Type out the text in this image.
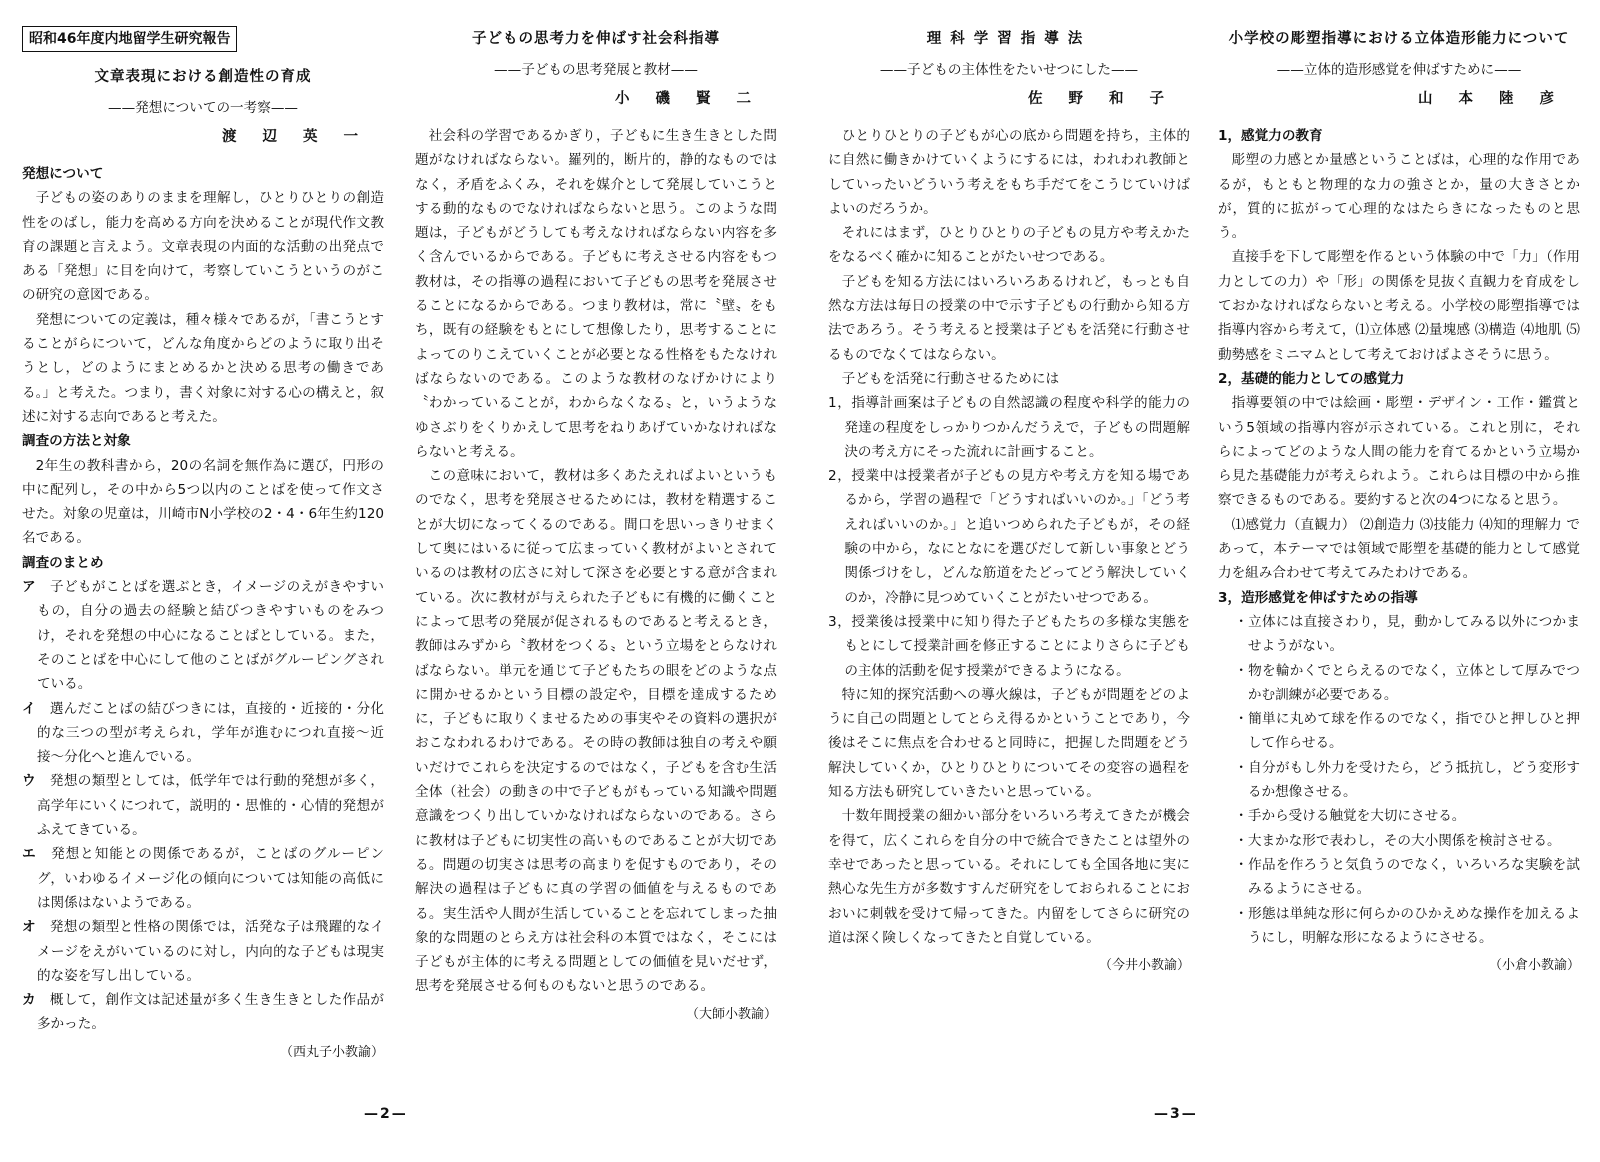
昭和46年度内地留学生研究報告
文章表現における創造性の育成
——発想についての一考察——
渡辺英一

発想について

子どもの姿のありのままを理解し，ひとりひとりの創造性をのばし，能力を高める方向を決めることが現代作文教育の課題と言えよう。文章表現の内面的な活動の出発点である「発想」に目を向けて，考察していこうというのがこの研究の意図である。

発想についての定義は，種々様々であるが，「書こうとすることがらについて，どんな角度からどのように取り出そうとし，どのようにまとめるかと決める思考の働きである。」と考えた。つまり，書く対象に対する心の構えと，叙述に対する志向であると考えた。

調査の方法と対象

2年生の教科書から，20の名詞を無作為に選び，円形の中に配列し，その中から5つ以内のことばを使って作文させた。対象の児童は，川崎市N小学校の2・4・6年生約120名である。

調査のまとめ

ア　 子どもがことばを選ぶとき，イメージのえがきやすいもの，自分の過去の経験と結びつきやすいものをみつけ，それを発想の中心になることばとしている。また，そのことばを中心にして他のことばがグルーピングされている。

イ　 選んだことばの結びつきには，直接的・近接的・分化的な三つの型が考えられ，学年が進むにつれ直接〜近接〜分化へと進んでいる。

ウ　 発想の類型としては，低学年では行動的発想が多く，高学年にいくにつれて，説明的・思惟的・心情的発想がふえてきている。

エ　 発想と知能との関係であるが，ことばのグルーピング，いわゆるイメージ化の傾向については知能の高低には関係はないようである。

オ　 発想の類型と性格の関係では，活発な子は飛躍的なイメージをえがいているのに対し，内向的な子どもは現実的な姿を写し出している。

カ　 概して，創作文は記述量が多く生き生きとした作品が多かった。

（西丸子小教諭）

子どもの思考力を伸ばす社会科指導
——子どもの思考発展と教材——
小磯賢二

社会科の学習であるかぎり，子どもに生き生きとした問題がなければならない。羅列的，断片的，静的なものではなく，矛盾をふくみ，それを媒介として発展していこうとする動的なものでなければならないと思う。このような問題は，子どもがどうしても考えなければならない内容を多く含んでいるからである。子どもに考えさせる内容をもつ教材は，その指導の過程において子どもの思考を発展させることになるからである。つまり教材は，常に〝壁〟をもち，既有の経験をもとにして想像したり，思考することによってのりこえていくことが必要となる性格をもたなければならないのである。このような教材のなげかけにより〝わかっていることが，わからなくなる〟と，いうようなゆさぶりをくりかえして思考をねりあげていかなければならないと考える。

この意味において，教材は多くあたえればよいというものでなく，思考を発展させるためには，教材を精選することが大切になってくるのである。間口を思いっきりせまくして奥にはいるに従って広まっていく教材がよいとされているのは教材の広さに対して深さを必要とする意が含まれている。次に教材が与えられた子どもに有機的に働くことによって思考の発展が促されるものであると考えるとき，教師はみずから〝教材をつくる〟という立場をとらなければならない。単元を通じて子どもたちの眼をどのような点に開かせるかという目標の設定や，目標を達成するために，子どもに取りくませるための事実やその資料の選択がおこなわれるわけである。その時の教師は独自の考えや願いだけでこれらを決定するのではなく，子どもを含む生活全体（社会）の動きの中で子どもがもっている知識や問題意識をつくり出していかなければならないのである。さらに教材は子どもに切実性の高いものであることが大切である。問題の切実さは思考の高まりを促すものであり，その解決の過程は子どもに真の学習の価値を与えるものである。実生活や人間が生活していることを忘れてしまった抽象的な問題のとらえ方は社会科の本質ではなく，そこには子どもが主体的に考える問題としての価値を見いだせず，思考を発展させる何ものもないと思うのである。

（大師小教諭）

理科学習指導法
——子どもの主体性をたいせつにした——
佐野和子

ひとりひとりの子どもが心の底から問題を持ち，主体的に自然に働きかけていくようにするには，われわれ教師としていったいどういう考えをもち手だてをこうじていけばよいのだろうか。

それにはまず，ひとりひとりの子どもの見方や考えかたをなるべく確かに知ることがたいせつである。

子どもを知る方法にはいろいろあるけれど，もっとも自然な方法は毎日の授業の中で示す子どもの行動から知る方法であろう。そう考えると授業は子どもを活発に行動させるものでなくてはならない。

子どもを活発に行動させるためには

1，指導計画案は子どもの自然認識の程度や科学的能力の発達の程度をしっかりつかんだうえで，子どもの問題解決の考え方にそった流れに計画すること。

2，授業中は授業者が子どもの見方や考え方を知る場であるから，学習の過程で「どうすればいいのか。」「どう考えればいいのか。」と追いつめられた子どもが，その経験の中から，なにとなにを選びだして新しい事象とどう関係づけをし，どんな筋道をたどってどう解決していくのか，冷静に見つめていくことがたいせつである。

3，授業後は授業中に知り得た子どもたちの多様な実態をもとにして授業計画を修正することによりさらに子どもの主体的活動を促す授業ができるようになる。

特に知的探究活動への導火線は，子どもが問題をどのように自己の問題としてとらえ得るかということであり，今後はそこに焦点を合わせると同時に，把握した問題をどう解決していくか，ひとりひとりについてその変容の過程を知る方法も研究していきたいと思っている。

十数年間授業の細かい部分をいろいろ考えてきたが機会を得て，広くこれらを自分の中で統合できたことは望外の幸せであったと思っている。それにしても全国各地に実に熱心な先生方が多数すすんだ研究をしておられることにおおいに刺戟を受けて帰ってきた。内留をしてさらに研究の道は深く険しくなってきたと自覚している。

（今井小教諭）

小学校の彫塑指導における立体造形能力について
——立体的造形感覚を伸ばすために——
山本陸彦

1，感覚力の教育

彫塑の力感とか量感ということばは，心理的な作用であるが，もともと物理的な力の強さとか，量の大きさとかが，質的に拡がって心理的なはたらきになったものと思う。

直接手を下して彫塑を作るという体験の中で「力」（作用力としての力）や「形」の関係を見抜く直観力を育成をしておかなければならないと考える。小学校の彫塑指導では指導内容から考えて，⑴立体感 ⑵量塊感 ⑶構造 ⑷地肌 ⑸動勢感をミニマムとして考えておけばよさそうに思う。

2，基礎的能力としての感覚力

指導要領の中では絵画・彫塑・デザイン・工作・鑑賞という5領域の指導内容が示されている。これと別に，それらによってどのような人間の能力を育てるかという立場から見た基礎能力が考えられよう。これらは目標の中から推察できるものである。要約すると次の4つになると思う。

⑴感覚力（直観力） ⑵創造力 ⑶技能力 ⑷知的理解力 であって，本テーマでは領域で彫塑を基礎的能力として感覚力を組み合わせて考えてみたわけである。

3，造形感覚を伸ばすための指導

・立体には直接さわり，見，動かしてみる以外につかませようがない。

・物を輪かくでとらえるのでなく，立体として厚みでつかむ訓練が必要である。

・簡単に丸めて球を作るのでなく，指でひと押しひと押して作らせる。

・自分がもし外力を受けたら，どう抵抗し，どう変形するか想像させる。

・手から受ける触覚を大切にさせる。

・大まかな形で表わし，その大小関係を検討させる。

・作品を作ろうと気負うのでなく，いろいろな実験を試みるようにさせる。

・形態は単純な形に何らかのひかえめな操作を加えるようにし，明解な形になるようにさせる。

（小倉小教諭）

—2—	—3—
